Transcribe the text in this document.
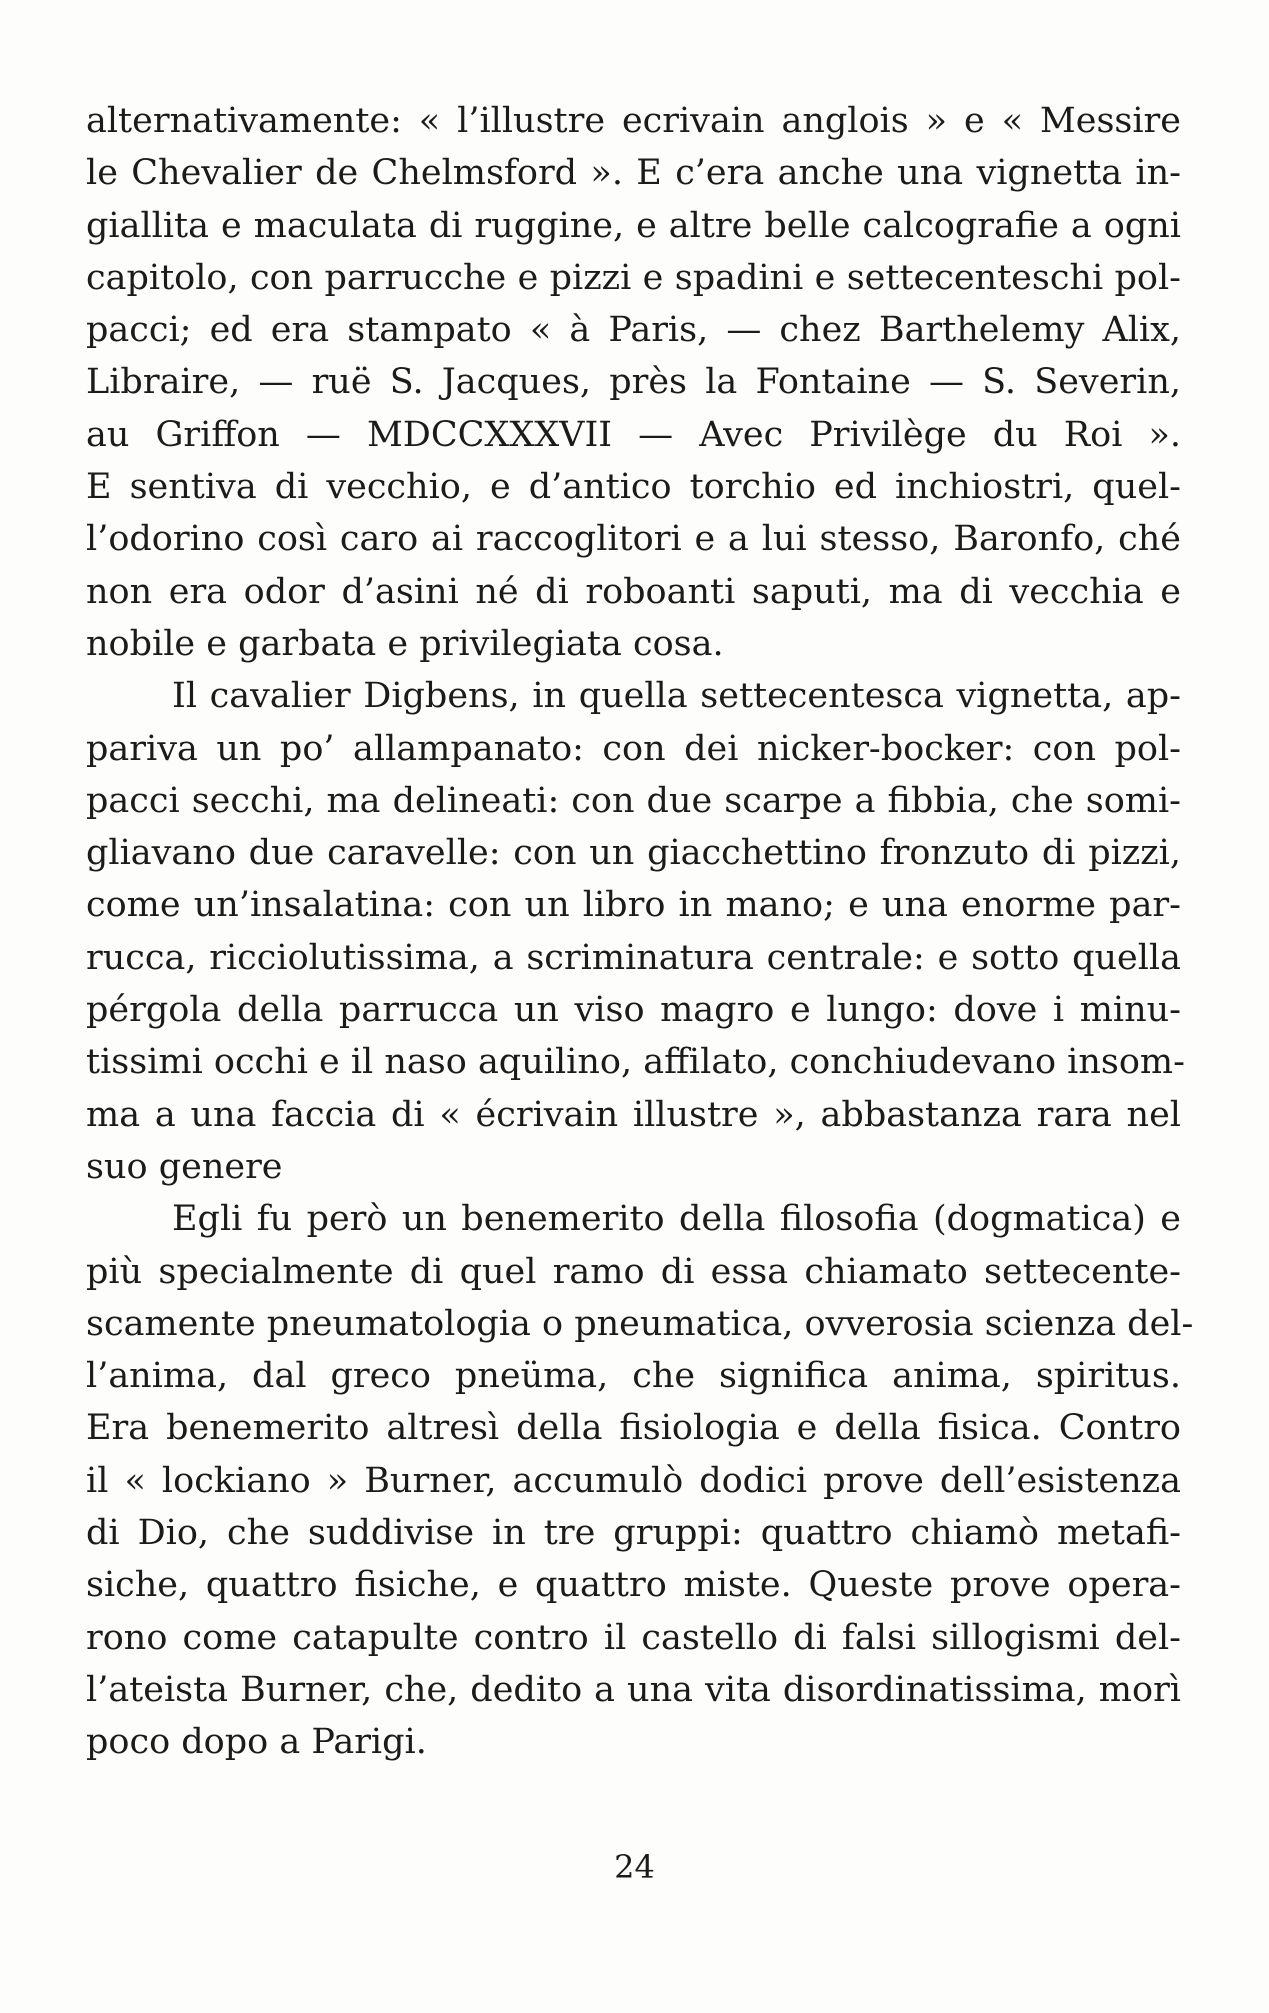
alternativamente: « l’illustre ecrivain anglois » e « Messire
le Chevalier de Chelmsford ». E c’era anche una vignetta in-
giallita e maculata di ruggine, e altre belle calcografie a ogni
capitolo, con parrucche e pizzi e spadini e settecenteschi pol-
pacci; ed era stampato « à Paris, — chez Barthelemy Alix,
Libraire, — ruë S. Jacques, près la Fontaine — S. Severin,
au Griffon — MDCCXXXVII — Avec Privilège du Roi ».
E sentiva di vecchio, e d’antico torchio ed inchiostri, quel-
l’odorino così caro ai raccoglitori e a lui stesso, Baronfo, ché
non era odor d’asini né di roboanti saputi, ma di vecchia e
nobile e garbata e privilegiata cosa.
Il cavalier Digbens, in quella settecentesca vignetta, ap-
pariva un po’ allampanato: con dei nicker-bocker: con pol-
pacci secchi, ma delineati: con due scarpe a fibbia, che somi-
gliavano due caravelle: con un giacchettino fronzuto di pizzi,
come un’insalatina: con un libro in mano; e una enorme par-
rucca, ricciolutissima, a scriminatura centrale: e sotto quella
pérgola della parrucca un viso magro e lungo: dove i minu-
tissimi occhi e il naso aquilino, affilato, conchiudevano insom-
ma a una faccia di « écrivain illustre », abbastanza rara nel
suo genere
Egli fu però un benemerito della filosofia (dogmatica) e
più specialmente di quel ramo di essa chiamato settecente-
scamente pneumatologia o pneumatica, ovverosia scienza del-
l’anima, dal greco pneüma, che significa anima, spiritus.
Era benemerito altresì della fisiologia e della fisica. Contro
il « lockiano » Burner, accumulò dodici prove dell’esistenza
di Dio, che suddivise in tre gruppi: quattro chiamò metafi-
siche, quattro fisiche, e quattro miste. Queste prove opera-
rono come catapulte contro il castello di falsi sillogismi del-
l’ateista Burner, che, dedito a una vita disordinatissima, morì
poco dopo a Parigi.
24
